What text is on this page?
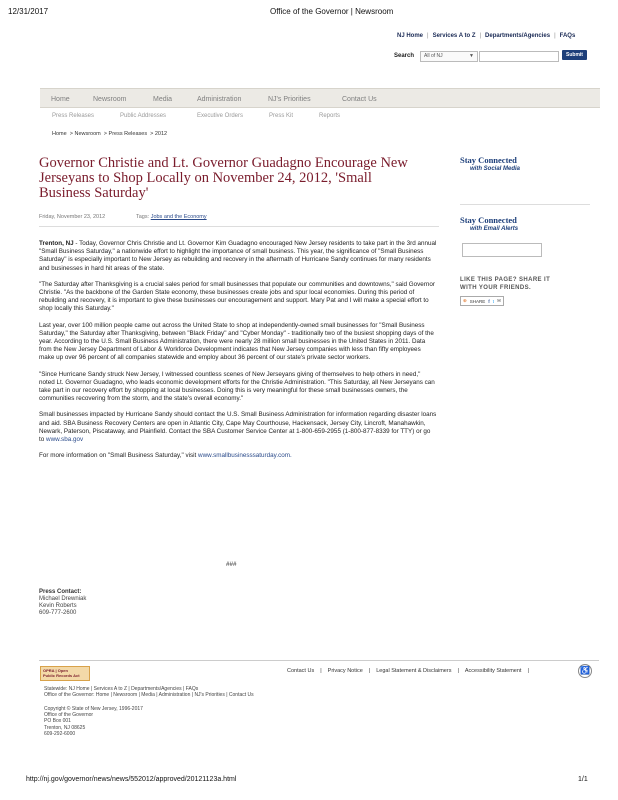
12/31/2017	Office of the Governor | Newsroom
NJ Home | Services A to Z | Departments/Agencies | FAQs
Search	All of NJ	▼	Submit
Home	Newsroom	Media	Administration	NJ's Priorities	Contact Us
Press Releases	Public Addresses	Executive Orders	Press Kit	Reports
Home  > Newsroom  > Press Releases  > 2012
Governor Christie and Lt. Governor Guadagno Encourage New
Jerseyans to Shop Locally on November 24, 2012, 'Small
Business Saturday'
Friday, November 23, 2012	Tags: Jobs and the Economy

Trenton, NJ - Today, Governor Chris Christie and Lt. Governor Kim Guadagno encouraged New Jersey residents to take part in the 3rd annual "Small Business Saturday," a nationwide effort to highlight the importance of small business. This year, the significance of "Small Business Saturday" is especially important to New Jersey as rebuilding and recovery in the aftermath of Hurricane Sandy continues for many residents and businesses in hard hit areas of the state.

"The Saturday after Thanksgiving is a crucial sales period for small businesses that populate our communities and downtowns," said Governor Christie. "As the backbone of the Garden State economy, these businesses create jobs and spur local economies. During this period of rebuilding and recovery, it is important to give these businesses our encouragement and support. Mary Pat and I will make a special effort to shop locally this Saturday."

Last year, over 100 million people came out across the United State to shop at independently-owned small businesses for "Small Business Saturday," the Saturday after Thanksgiving, between "Black Friday" and "Cyber Monday" - traditionally two of the busiest shopping days of the year. According to the U.S. Small Business Administration, there were nearly 28 million small businesses in the United States in 2011. Data from the New Jersey Department of Labor & Workforce Development indicates that New Jersey companies with less than fifty employees make up over 96 percent of all companies statewide and employ about 36 percent of our state's private sector workers.

"Since Hurricane Sandy struck New Jersey, I witnessed countless scenes of New Jerseyans giving of themselves to help others in need," noted Lt. Governor Guadagno, who leads economic development efforts for the Christie Administration. "This Saturday, all New Jerseyans can take part in our recovery effort by shopping at local businesses. Doing this is very meaningful for these small businesses owners, the communities recovering from the storm, and the state's overall economy."

Small businesses impacted by Hurricane Sandy should contact the U.S. Small Business Administration for information regarding disaster loans and aid. SBA Business Recovery Centers are open in Atlantic City, Cape May Courthouse, Hackensack, Jersey City, Lincroft, Manahawkin, Newark, Paterson, Piscataway, and Plainfield. Contact the SBA Customer Service Center at 1-800-659-2955 (1-800-877-8339 for TTY) or go to www.sba.gov

For more information on "Small Business Saturday," visit www.smallbusinesssaturday.com.

###

Press Contact:
Michael Drewniak
Kevin Roberts
609-777-2600
Stay Connected
with Social Media
Stay Connected
with Email Alerts
LIKE THIS PAGE? SHARE IT
WITH YOUR FRIENDS.
⊕ SHARE f t ✉
OPRA | Open
Public Records Act
Contact Us | Privacy Notice | Legal Statement & Disclaimers | Accessibility Statement |	♿
Statewide: NJ Home | Services A to Z | Departments/Agencies | FAQs
Office of the Governor: Home | Newsroom | Media | Administration | NJ's Priorities | Contact Us
Copyright © State of New Jersey, 1996-2017
Office of the Governor
PO Box 001
Trenton, NJ 08625
609-292-6000
http://nj.gov/governor/news/news/552012/approved/20121123a.html	1/1
